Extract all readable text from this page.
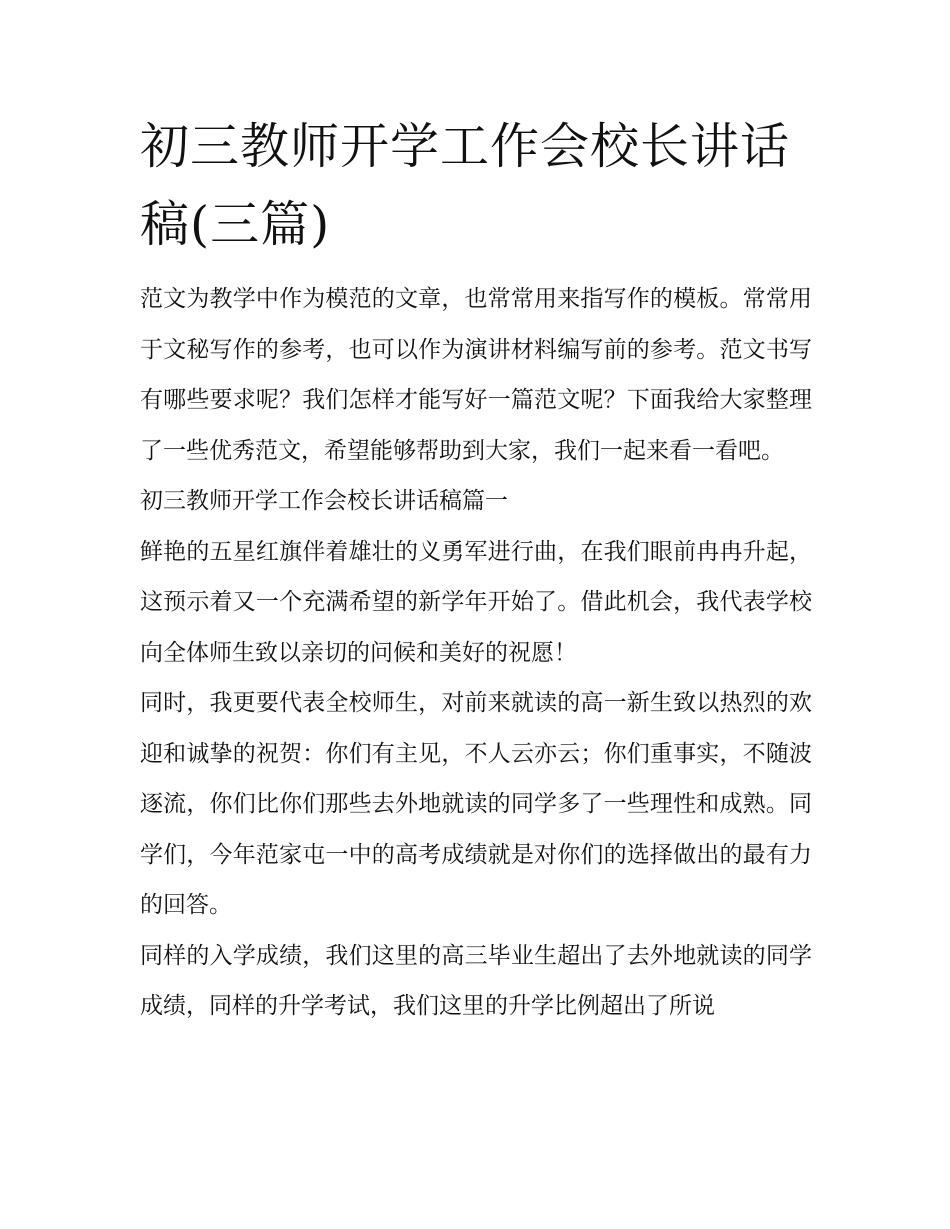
初三教师开学工作会校长讲话稿(三篇)

范文为教学中作为模范的文章，也常常用来指写作的模板。常常用于文秘写作的参考，也可以作为演讲材料编写前的参考。范文书写有哪些要求呢？我们怎样才能写好一篇范文呢？下面我给大家整理了一些优秀范文，希望能够帮助到大家，我们一起来看一看吧。

初三教师开学工作会校长讲话稿篇一

鲜艳的五星红旗伴着雄壮的义勇军进行曲，在我们眼前冉冉升起，这预示着又一个充满希望的新学年开始了。借此机会，我代表学校向全体师生致以亲切的问候和美好的祝愿！

同时，我更要代表全校师生，对前来就读的高一新生致以热烈的欢迎和诚挚的祝贺：你们有主见，不人云亦云；你们重事实，不随波逐流，你们比你们那些去外地就读的同学多了一些理性和成熟。同学们，今年范家屯一中的高考成绩就是对你们的选择做出的最有力的回答。

同样的入学成绩，我们这里的高三毕业生超出了去外地就读的同学成绩，同样的升学考试，我们这里的升学比例超出了所说
